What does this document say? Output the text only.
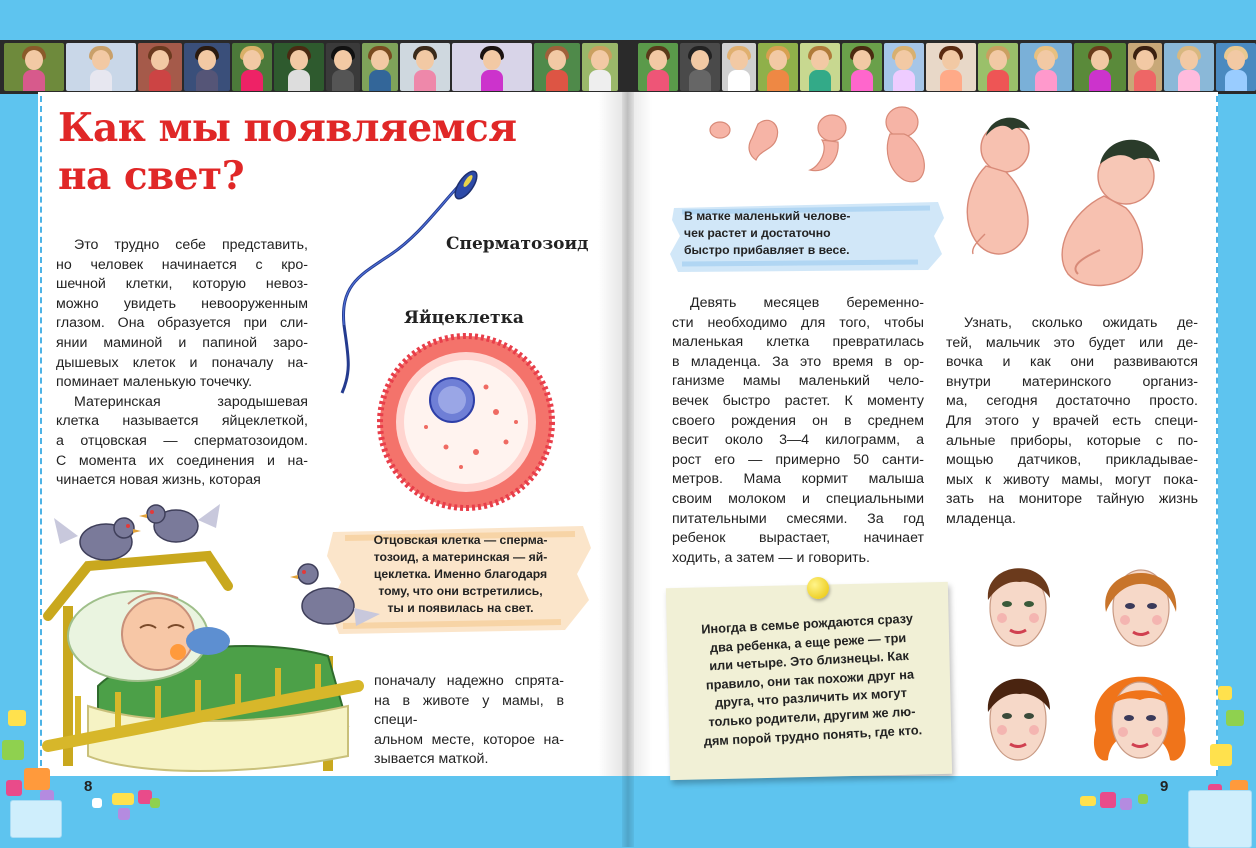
Как мы появляемся
на свет?
Это трудно себе представить,
но человек начинается с кро-
шечной клетки, которую невоз-
можно увидеть невооруженным
глазом. Она образуется при сли-
янии маминой и папиной заро-
дышевых клеток и поначалу на-
поминает маленькую точечку.
Материнская зародышевая
клетка называется яйцеклеткой,
а отцовская — сперматозоидом.
С момента их соединения и на-
чинается новая жизнь, которая
Сперматозоид
Яйцеклетка
Отцовская клетка — сперма-
тозоид, а материнская — яй-
цеклетка. Именно благодаря
тому, что они встретились,
ты и появилась на свет.
поначалу надежно спрята-
на в животе у мамы, в специ-
альном месте, которое на-
зывается маткой.
8
В матке маленький челове-
чек растет и достаточно
быстро прибавляет в весе.
Девять месяцев беременно-
сти необходимо для того, чтобы
маленькая клетка превратилась
в младенца. За это время в ор-
ганизме мамы маленький чело-
вечек быстро растет. К моменту
своего рождения он в среднем
весит около 3—4 килограмм, а
рост его — примерно 50 санти-
метров. Мама кормит малыша
своим молоком и специальными
питательными смесями. За год
ребенок вырастает, начинает
ходить, а затем — и говорить.
Узнать, сколько ожидать де-
тей, мальчик это будет или де-
вочка и как они развиваются
внутри материнского организ-
ма, сегодня достаточно просто.
Для этого у врачей есть специ-
альные приборы, которые с по-
мощью датчиков, прикладывае-
мых к животу мамы, могут пока-
зать на мониторе тайную жизнь
младенца.
Иногда в семье рождаются сразу
два ребенка, а еще реже — три
или четыре. Это близнецы. Как
правило, они так похожи друг на
друга, что различить их могут
только родители, другим же лю-
дям порой трудно понять, где кто.
9
